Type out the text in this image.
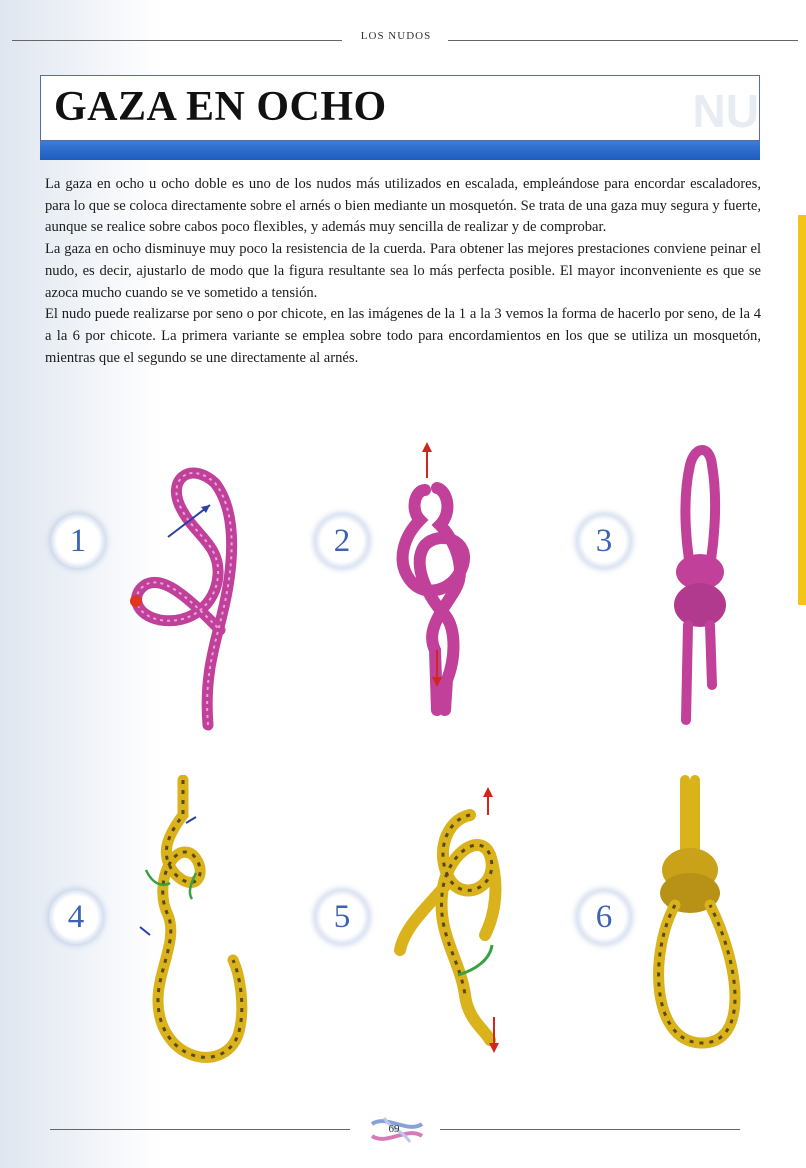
LOS NUDOS
GAZA EN OCHO	NU

La gaza en ocho u ocho doble es uno de los nudos más utilizados en escalada, empleándose para encordar escaladores, para lo que se coloca directamente sobre el arnés o bien mediante un mosquetón. Se trata de una gaza muy segura y fuerte, aunque se realice sobre cabos poco flexibles, y además muy sencilla de realizar y de comprobar.

La gaza en ocho disminuye muy poco la resistencia de la cuerda. Para obtener las mejores prestaciones conviene peinar el nudo, es decir, ajustarlo de modo que la figura resultante sea lo más perfecta posible. El mayor inconveniente es que se azoca mucho cuando se ve sometido a tensión.

El nudo puede realizarse por seno o por chicote, en las imágenes de la 1 a la 3 vemos la forma de hacerlo por seno, de la 4 a la 6 por chicote. La primera variante se emplea sobre todo para encordamientos en los que se utiliza un mosquetón, mientras que el segundo se une directamente al arnés.

1	2	3
4	5	6
69
